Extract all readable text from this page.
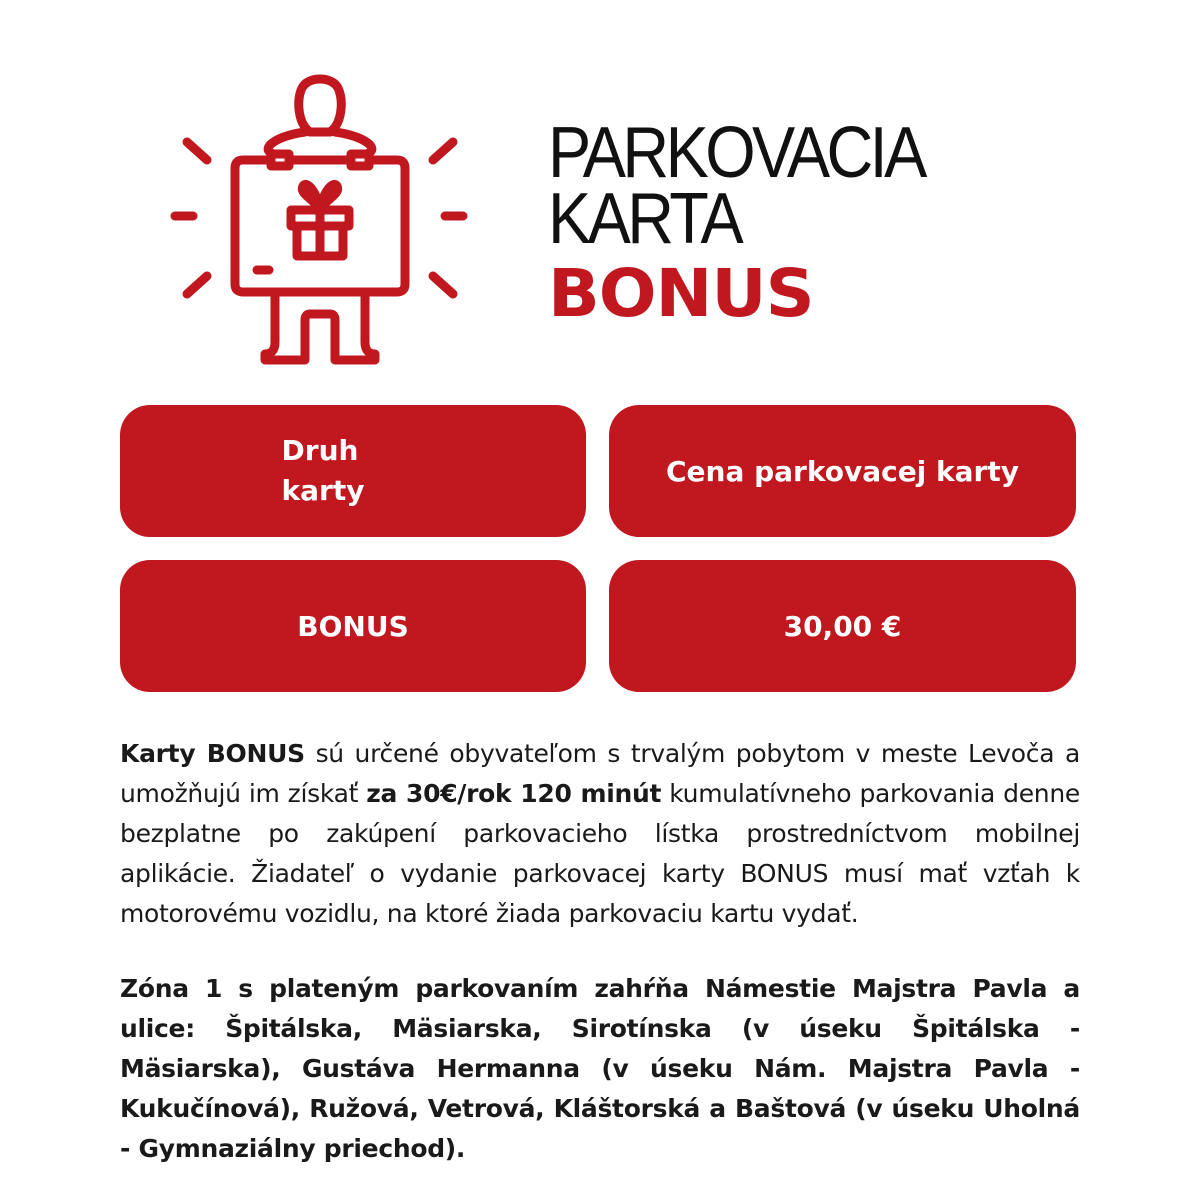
PARKOVACIA
KARTA
BONUS
Druh
karty
Cena parkovacej karty
BONUS	30,00 €

Karty BONUS sú určené obyvateľom s trvalým pobytom v meste Levoča a umožňujú im získať za 30€/rok 120 minút kumulatívneho parkovania denne bezplatne po zakúpení parkovacieho lístka prostredníctvom mobilnej aplikácie. Žiadateľ o vydanie parkovacej karty BONUS musí mať vzťah k motorovému vozidlu, na ktoré žiada parkovaciu kartu vydať.

Zóna 1 s plateným parkovaním zahŕňa Námestie Majstra Pavla a ulice: Špitálska, Mäsiarska, Sirotínska (v úseku Špitálska - Mäsiarska), Gustáva Hermanna (v úseku Nám. Majstra Pavla - Kukučínová), Ružová, Vetrová, Kláštorská a Baštová (v úseku Uholná - Gymnaziálny priechod).
